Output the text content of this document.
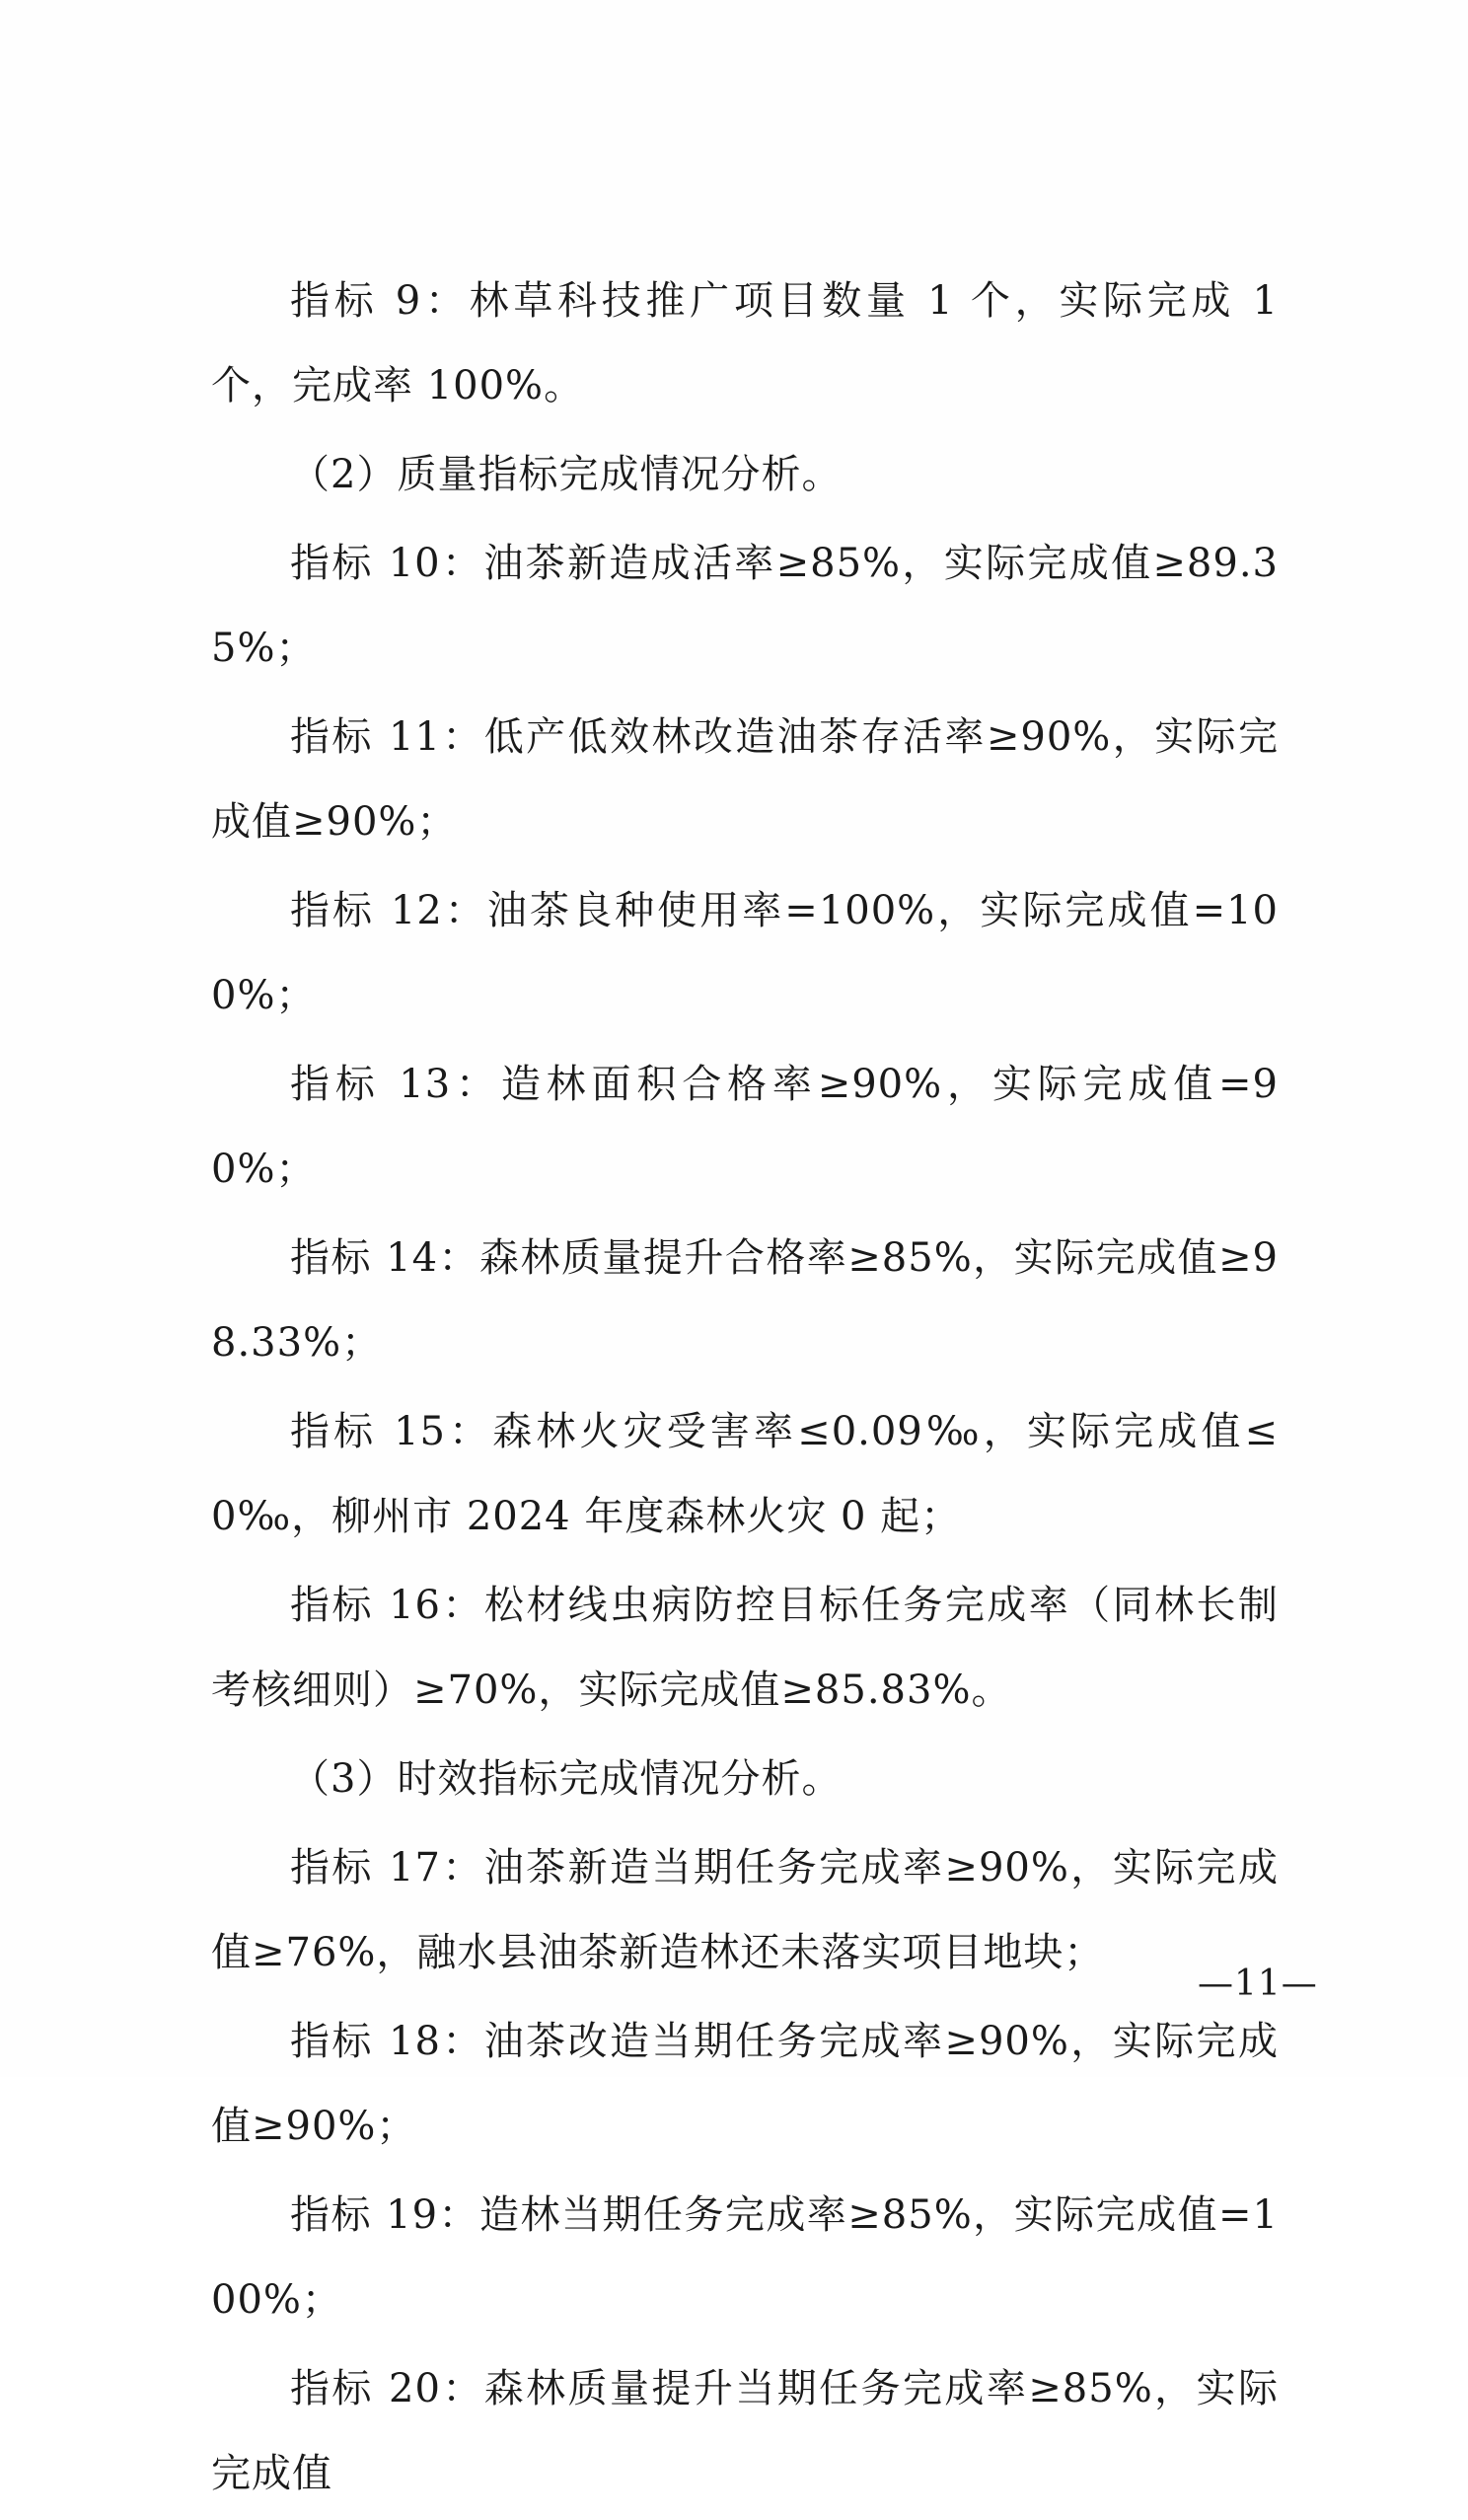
指标 9：林草科技推广项目数量 1 个，实际完成 1 个，完成率 100%。

（2）质量指标完成情况分析。

指标 10：油茶新造成活率≥85%，实际完成值≥89.35%；

指标 11：低产低效林改造油茶存活率≥90%，实际完成值≥90%；

指标 12：油茶良种使用率=100%，实际完成值=100%；

指标 13：造林面积合格率≥90%，实际完成值=90%；

指标 14：森林质量提升合格率≥85%，实际完成值≥98.33%；

指标 15：森林火灾受害率≤0.09‰，实际完成值≤0‰，柳州市 2024 年度森林火灾 0 起；

指标 16：松材线虫病防控目标任务完成率（同林长制考核细则）≥70%，实际完成值≥85.83%。

（3）时效指标完成情况分析。

指标 17：油茶新造当期任务完成率≥90%，实际完成值≥76%，融水县油茶新造林还未落实项目地块；

指标 18：油茶改造当期任务完成率≥90%，实际完成值≥90%；

指标 19：造林当期任务完成率≥85%，实际完成值=100%；

指标 20：森林质量提升当期任务完成率≥85%，实际完成值

—11—
